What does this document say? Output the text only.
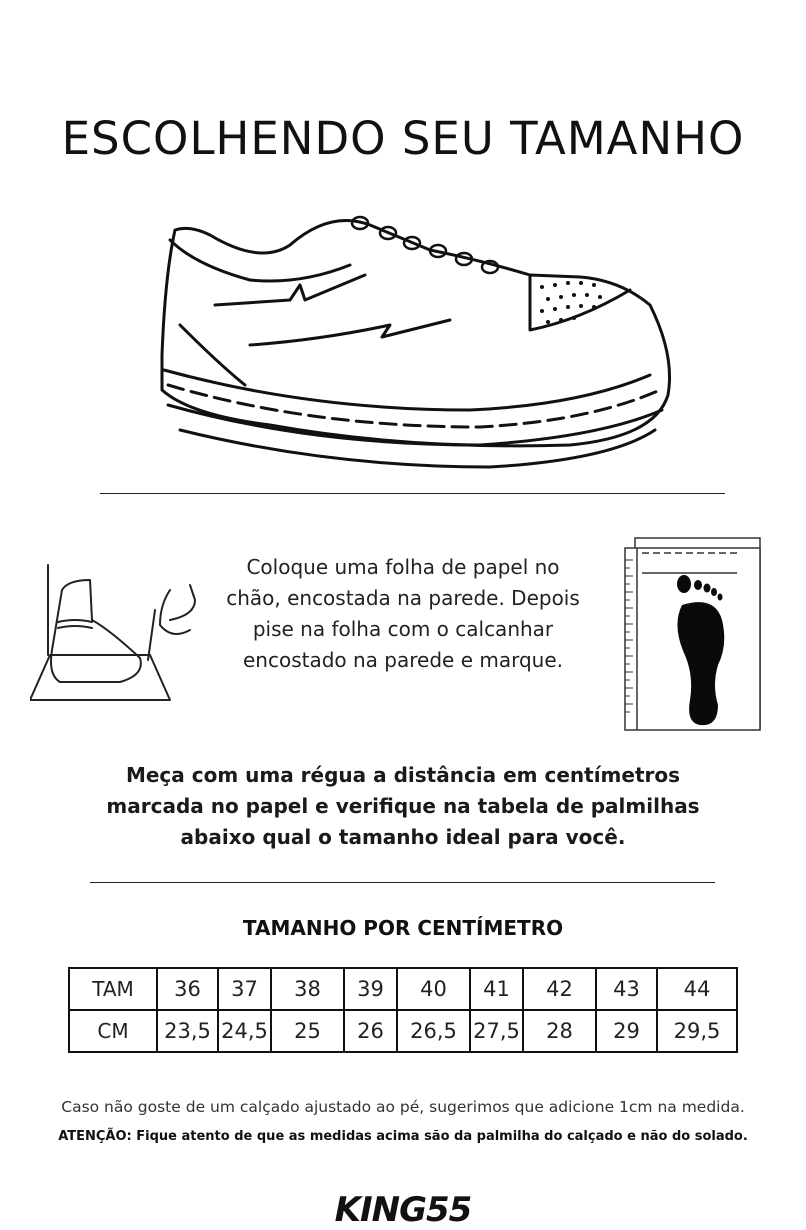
ESCOLHENDO SEU TAMANHO

Coloque uma folha de papel no chão, encostada na parede. Depois pise na folha com o calcanhar encostado na parede e marque.

Meça com uma régua a distância em centímetros marcada no papel e verifique na tabela de palmilhas abaixo qual o tamanho ideal para você.

TAMANHO POR CENTÍMETRO
TAM	36	37	38	39	40	41	42	43	44
CM	23,5	24,5	25	26	26,5	27,5	28	29	29,5

Caso não goste de um calçado ajustado ao pé, sugerimos que adicione 1cm na medida.

ATENÇÃO: Fique atento de que as medidas acima são da palmilha do calçado e não do solado.

KING55
